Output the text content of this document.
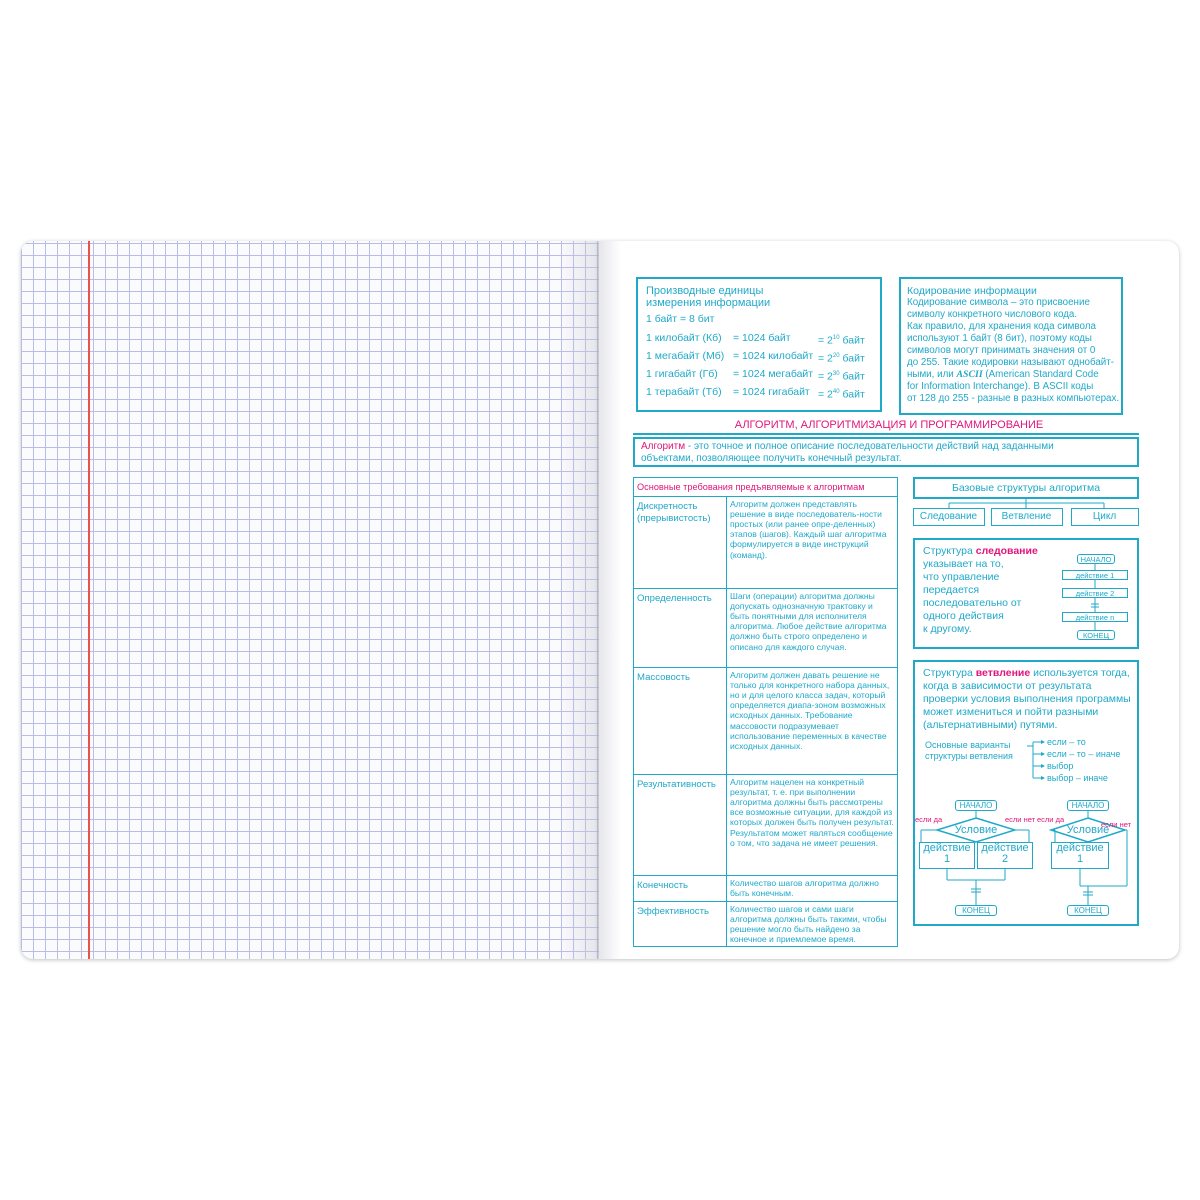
Производные единицы
измерения информации
1 байт = 8 бит
1 килобайт (Кб) = 1024 байт	= $2^{10}$ байт
1 мегабайт (Мб) = 1024 килобайт = $2^{20}$ байт
1 гигабайт (Гб) = 1024 мегабайт = $2^{30}$ байт
1 терабайт (Тб) = 1024 гигабайт = $2^{40}$ байт
Кодирование информации
Кодирование символа – это присвоение
символу конкретного числового кода.
Как правило, для хранения кода символа
используют 1 байт (8 бит), поэтому коды
символов могут принимать значения от 0
до 255. Такие кодировки называют однобайт-
ными, или ASCII (American Standard Code
for Information Interchange). В ASCII коды
от 128 до 255 - разные в разных компьютерах.
АЛГОРИТМ, АЛГОРИТМИЗАЦИЯ И ПРОГРАММИРОВАНИЕ
Алгоритм - это точное и полное описание последовательности действий над заданными
объектами, позволяющее получить конечный результат.
Основные требования предъявляемые к алгоритмам	
Дискретность (прерывистость)	Алгоритм должен представлять решение в виде последователь-ности простых (или ранее опре-деленных) этапов (шагов). Каждый шаг алгоритма формулируется в виде инструкций (команд).
Определенность	Шаги (операции) алгоритма должны допускать однозначную трактовку и быть понятными для исполнителя алгоритма. Любое действие алгоритма должно быть строго определено и описано для каждого случая.
Массовость	Алгоритм должен давать решение не только для конкретного набора данных, но и для целого класса задач, который определяется диапа-зоном возможных исходных данных. Требование массовости подразумевает использование переменных в качестве исходных данных.
Результативность	Алгоритм нацелен на конкретный результат, т. е. при выполнении алгоритма должны быть рассмотрены все возможные ситуации, для каждой из которых должен быть получен результат. Результатом может являться сообщение о том, что задача не имеет решения.
Конечность	Количество шагов алгоритма должно быть конечным.
Эффективность	Количество шагов и сами шаги алгоритма должны быть такими, чтобы решение могло быть найдено за конечное и приемлемое время.
Базовые структуры алгоритма
Следование	Ветвление	Цикл
Структура следование
указывает на то,
что управление
передается
последовательно от
одного действия
к другому.
НАЧАЛО
действие 1
действие 2
действие n
КОНЕЦ
Структура ветвление используется тогда,
когда в зависимости от результата
проверки условия выполнения программы
может измениться и пойти разными
(альтернативными) путями.
Основные варианты
структуры ветвления
если – то
если – то – иначе
выбор
выбор – иначе
НАЧАЛО
если да	если нет
Условие
действие
1
действие
2
КОНЕЦ
НАЧАЛО
если да
если нет
Условие
действие
1
КОНЕЦ
